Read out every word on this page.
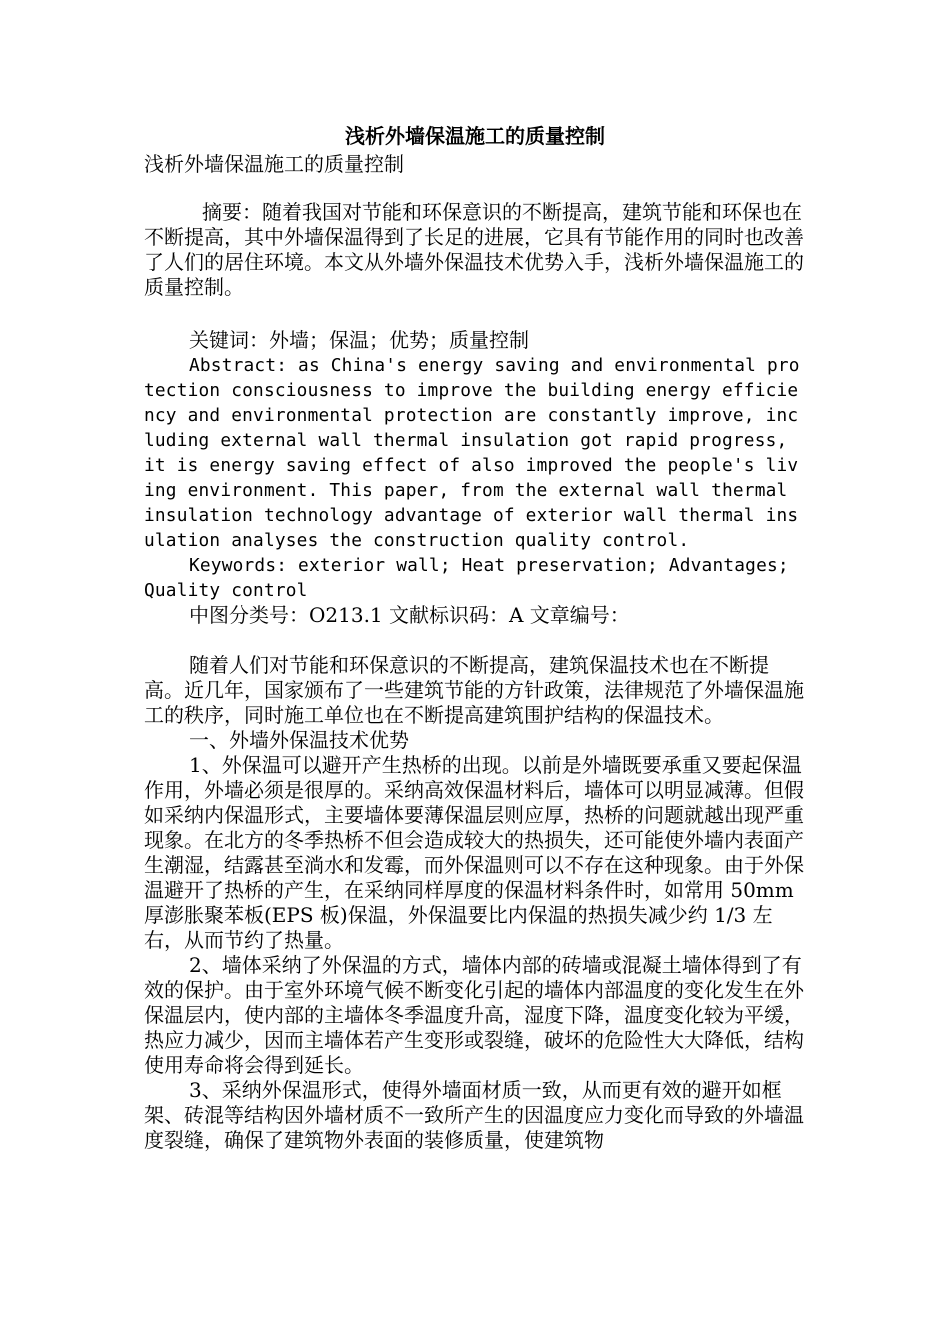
浅析外墙保温施工的质量控制

浅析外墙保温施工的质量控制

摘要：随着我国对节能和环保意识的不断提高，建筑节能和环保也在不断提高，其中外墙保温得到了长足的进展，它具有节能作用的同时也改善了人们的居住环境。本文从外墙外保温技术优势入手，浅析外墙保温施工的质量控制。

关键词：外墙；保温；优势；质量控制

Abstract: as China's energy saving and environmental protection consciousness to improve the building energy efficiency and environmental protection are constantly improve, including external wall thermal insulation got rapid progress, it is energy saving effect of also improved the people's living environment. This paper, from the external wall thermal insulation technology advantage of exterior wall thermal insulation analyses the construction quality control.

Keywords: exterior wall; Heat preservation; Advantages; Quality control

中图分类号：O213.1 文献标识码：A 文章编号：

随着人们对节能和环保意识的不断提高，建筑保温技术也在不断提高。近几年，国家颁布了一些建筑节能的方针政策，法律规范了外墙保温施工的秩序，同时施工单位也在不断提高建筑围护结构的保温技术。

一、外墙外保温技术优势

1、外保温可以避开产生热桥的出现。以前是外墙既要承重又要起保温作用，外墙必须是很厚的。采纳高效保温材料后，墙体可以明显减薄。但假如采纳内保温形式，主要墙体要薄保温层则应厚，热桥的问题就越出现严重现象。在北方的冬季热桥不但会造成较大的热损失，还可能使外墙内表面产生潮湿，结露甚至淌水和发霉，而外保温则可以不存在这种现象。由于外保温避开了热桥的产生，在采纳同样厚度的保温材料条件时，如常用 50mm 厚澎胀聚苯板(EPS 板)保温，外保温要比内保温的热损失减少约 1/3 左右，从而节约了热量。

2、墙体采纳了外保温的方式，墙体内部的砖墙或混凝土墙体得到了有效的保护。由于室外环境气候不断变化引起的墙体内部温度的变化发生在外保温层内，使内部的主墙体冬季温度升高，湿度下降，温度变化较为平缓，热应力减少，因而主墙体若产生变形或裂缝，破坏的危险性大大降低，结构使用寿命将会得到延长。

3、采纳外保温形式，使得外墙面材质一致，从而更有效的避开如框架、砖混等结构因外墙材质不一致所产生的因温度应力变化而导致的外墙温度裂缝，确保了建筑物外表面的装修质量，使建筑物
